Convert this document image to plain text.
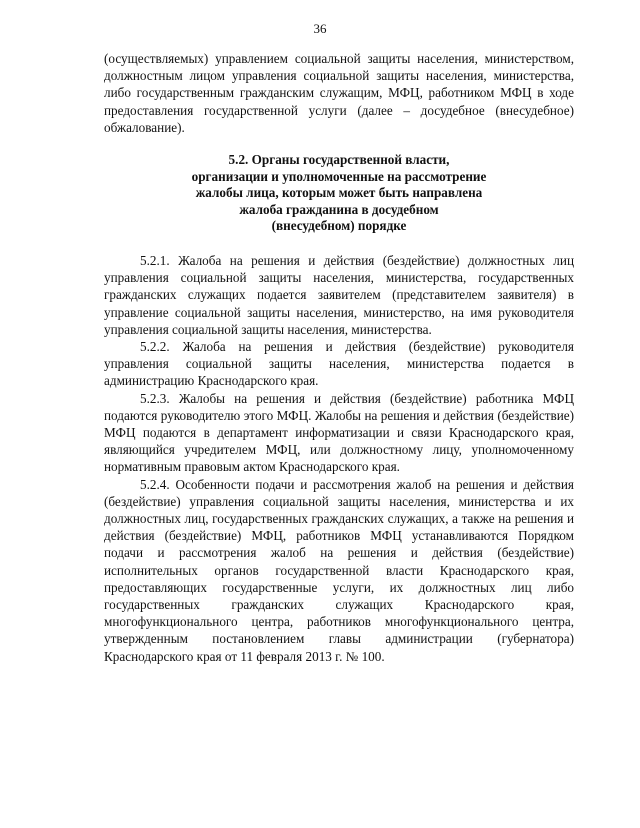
36

(осуществляемых) управлением социальной защиты населения, министерством, должностным лицом управления социальной защиты населения, министерства, либо государственным гражданским служащим, МФЦ, работником МФЦ в ходе предоставления государственной услуги (далее – досудебное (внесудебное) обжалование).

5.2. Органы государственной власти,
организации и уполномоченные на рассмотрение
жалобы лица, которым может быть направлена
жалоба гражданина в досудебном
(внесудебном) порядке

5.2.1. Жалоба на решения и действия (бездействие) должностных лиц управления социальной защиты населения, министерства, государственных гражданских служащих подается заявителем (представителем заявителя) в управление социальной защиты населения, министерство, на имя руководителя управления социальной защиты населения, министерства.

5.2.2. Жалоба на решения и действия (бездействие) руководителя управления социальной защиты населения, министерства подается в администрацию Краснодарского края.

5.2.3. Жалобы на решения и действия (бездействие) работника МФЦ подаются руководителю этого МФЦ. Жалобы на решения и действия (бездействие) МФЦ подаются в департамент информатизации и связи Краснодарского края, являющийся учредителем МФЦ, или должностному лицу, уполномоченному нормативным правовым актом Краснодарского края.

5.2.4. Особенности подачи и рассмотрения жалоб на решения и действия (бездействие) управления социальной защиты населения, министерства и их должностных лиц, государственных гражданских служащих, а также на решения и действия (бездействие) МФЦ, работников МФЦ устанавливаются Порядком подачи и рассмотрения жалоб на решения и действия (бездействие) исполнительных органов государственной власти Краснодарского края, предоставляющих государственные услуги, их должностных лиц либо государственных гражданских служащих Краснодарского края, многофункционального центра, работников многофункционального центра, утвержденным постановлением главы администрации (губернатора) Краснодарского края от 11 февраля 2013 г. № 100.
